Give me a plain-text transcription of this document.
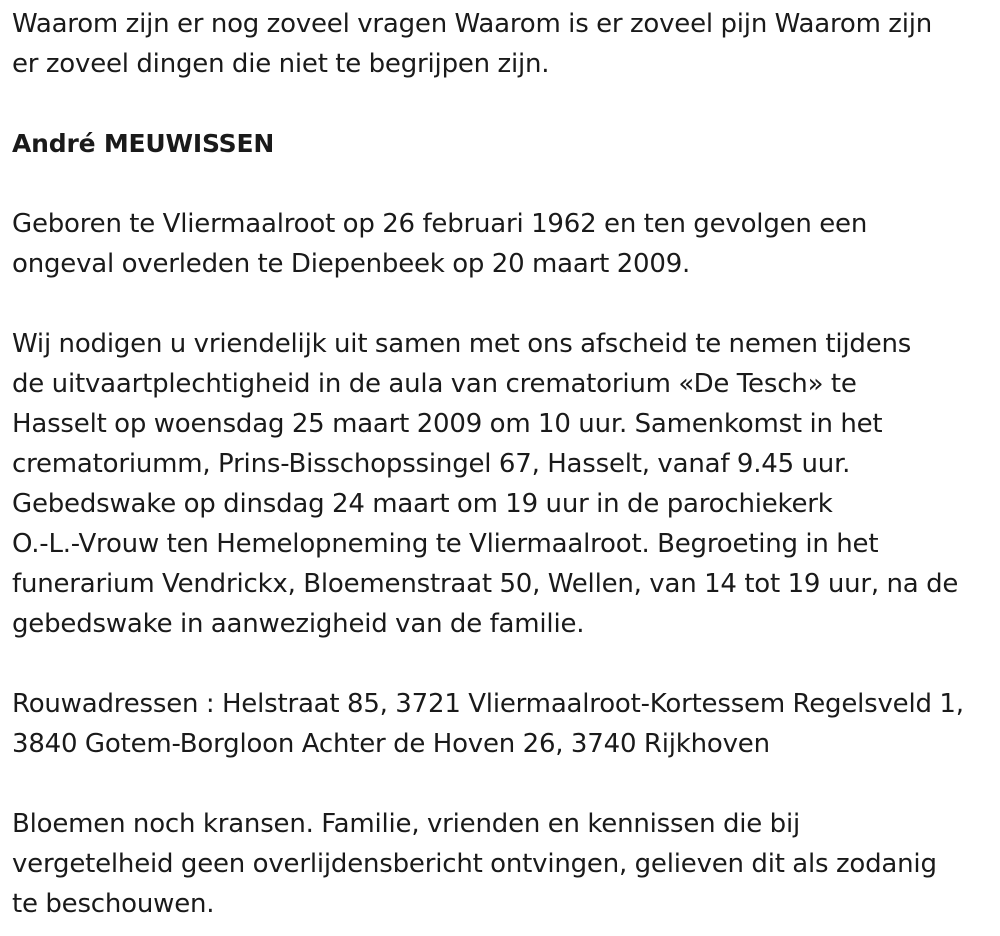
Waarom zijn er nog zoveel vragen Waarom is er zoveel pijn Waarom zijn

er zoveel dingen die niet te begrijpen zijn.

André MEUWISSEN

Geboren te Vliermaalroot op 26 februari 1962 en ten gevolgen een

ongeval overleden te Diepenbeek op 20 maart 2009.

Wij nodigen u vriendelijk uit samen met ons afscheid te nemen tijdens

de uitvaartplechtigheid in de aula van crematorium «De Tesch» te

Hasselt op woensdag 25 maart 2009 om 10 uur. Samenkomst in het

crematoriumm, Prins-Bisschopssingel 67, Hasselt, vanaf 9.45 uur.

Gebedswake op dinsdag 24 maart om 19 uur in de parochiekerk

O.-L.-Vrouw ten Hemelopneming te Vliermaalroot. Begroeting in het

funerarium Vendrickx, Bloemenstraat 50, Wellen, van 14 tot 19 uur, na de

gebedswake in aanwezigheid van de familie.

Rouwadressen : Helstraat 85, 3721 Vliermaalroot-Kortessem Regelsveld 1,

3840 Gotem-Borgloon Achter de Hoven 26, 3740 Rijkhoven

Bloemen noch kransen. Familie, vrienden en kennissen die bij

vergetelheid geen overlijdensbericht ontvingen, gelieven dit als zodanig

te beschouwen.
